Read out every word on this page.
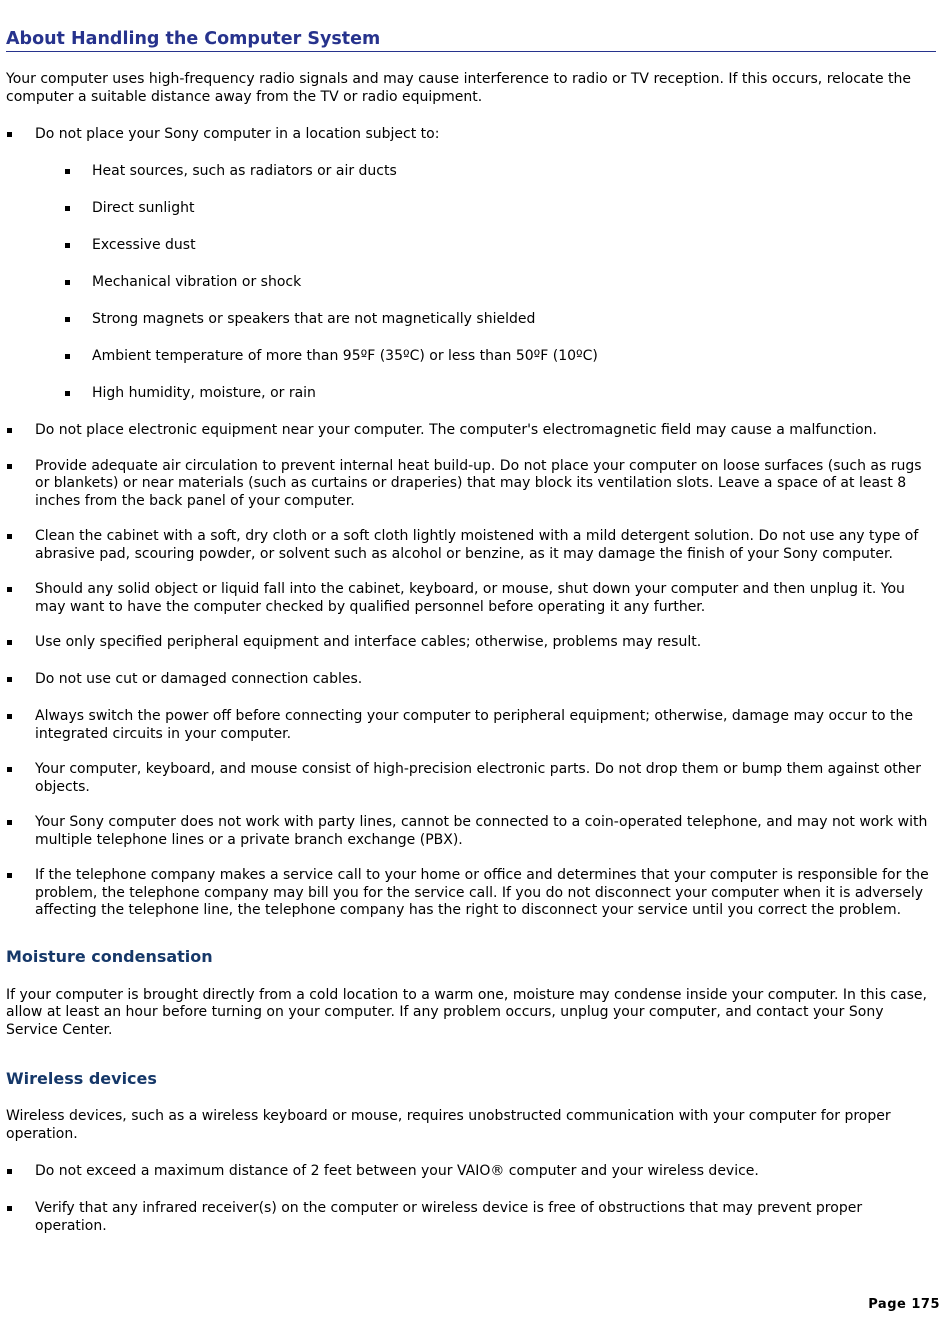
About Handling the Computer System

Your computer uses high-frequency radio signals and may cause interference to radio or TV reception. If this occurs, relocate the computer a suitable distance away from the TV or radio equipment.

Do not place your Sony computer in a location subject to:
Heat sources, such as radiators or air ducts
Direct sunlight
Excessive dust
Mechanical vibration or shock
Strong magnets or speakers that are not magnetically shielded
Ambient temperature of more than 95ºF (35ºC) or less than 50ºF (10ºC)
High humidity, moisture, or rain
Do not place electronic equipment near your computer. The computer's electromagnetic field may cause a malfunction.
Provide adequate air circulation to prevent internal heat build-up. Do not place your computer on loose surfaces (such as rugs or blankets) or near materials (such as curtains or draperies) that may block its ventilation slots. Leave a space of at least 8 inches from the back panel of your computer.
Clean the cabinet with a soft, dry cloth or a soft cloth lightly moistened with a mild detergent solution. Do not use any type of abrasive pad, scouring powder, or solvent such as alcohol or benzine, as it may damage the finish of your Sony computer.
Should any solid object or liquid fall into the cabinet, keyboard, or mouse, shut down your computer and then unplug it. You may want to have the computer checked by qualified personnel before operating it any further.
Use only specified peripheral equipment and interface cables; otherwise, problems may result.
Do not use cut or damaged connection cables.
Always switch the power off before connecting your computer to peripheral equipment; otherwise, damage may occur to the integrated circuits in your computer.
Your computer, keyboard, and mouse consist of high-precision electronic parts. Do not drop them or bump them against other objects.
Your Sony computer does not work with party lines, cannot be connected to a coin-operated telephone, and may not work with multiple telephone lines or a private branch exchange (PBX).
If the telephone company makes a service call to your home or office and determines that your computer is responsible for the problem, the telephone company may bill you for the service call. If you do not disconnect your computer when it is adversely affecting the telephone line, the telephone company has the right to disconnect your service until you correct the problem.
Moisture condensation

If your computer is brought directly from a cold location to a warm one, moisture may condense inside your computer. In this case, allow at least an hour before turning on your computer. If any problem occurs, unplug your computer, and contact your Sony Service Center.

Wireless devices

Wireless devices, such as a wireless keyboard or mouse, requires unobstructed communication with your computer for proper operation.

Do not exceed a maximum distance of 2 feet between your VAIO® computer and your wireless device.
Verify that any infrared receiver(s) on the computer or wireless device is free of obstructions that may prevent proper operation.
Page 175
